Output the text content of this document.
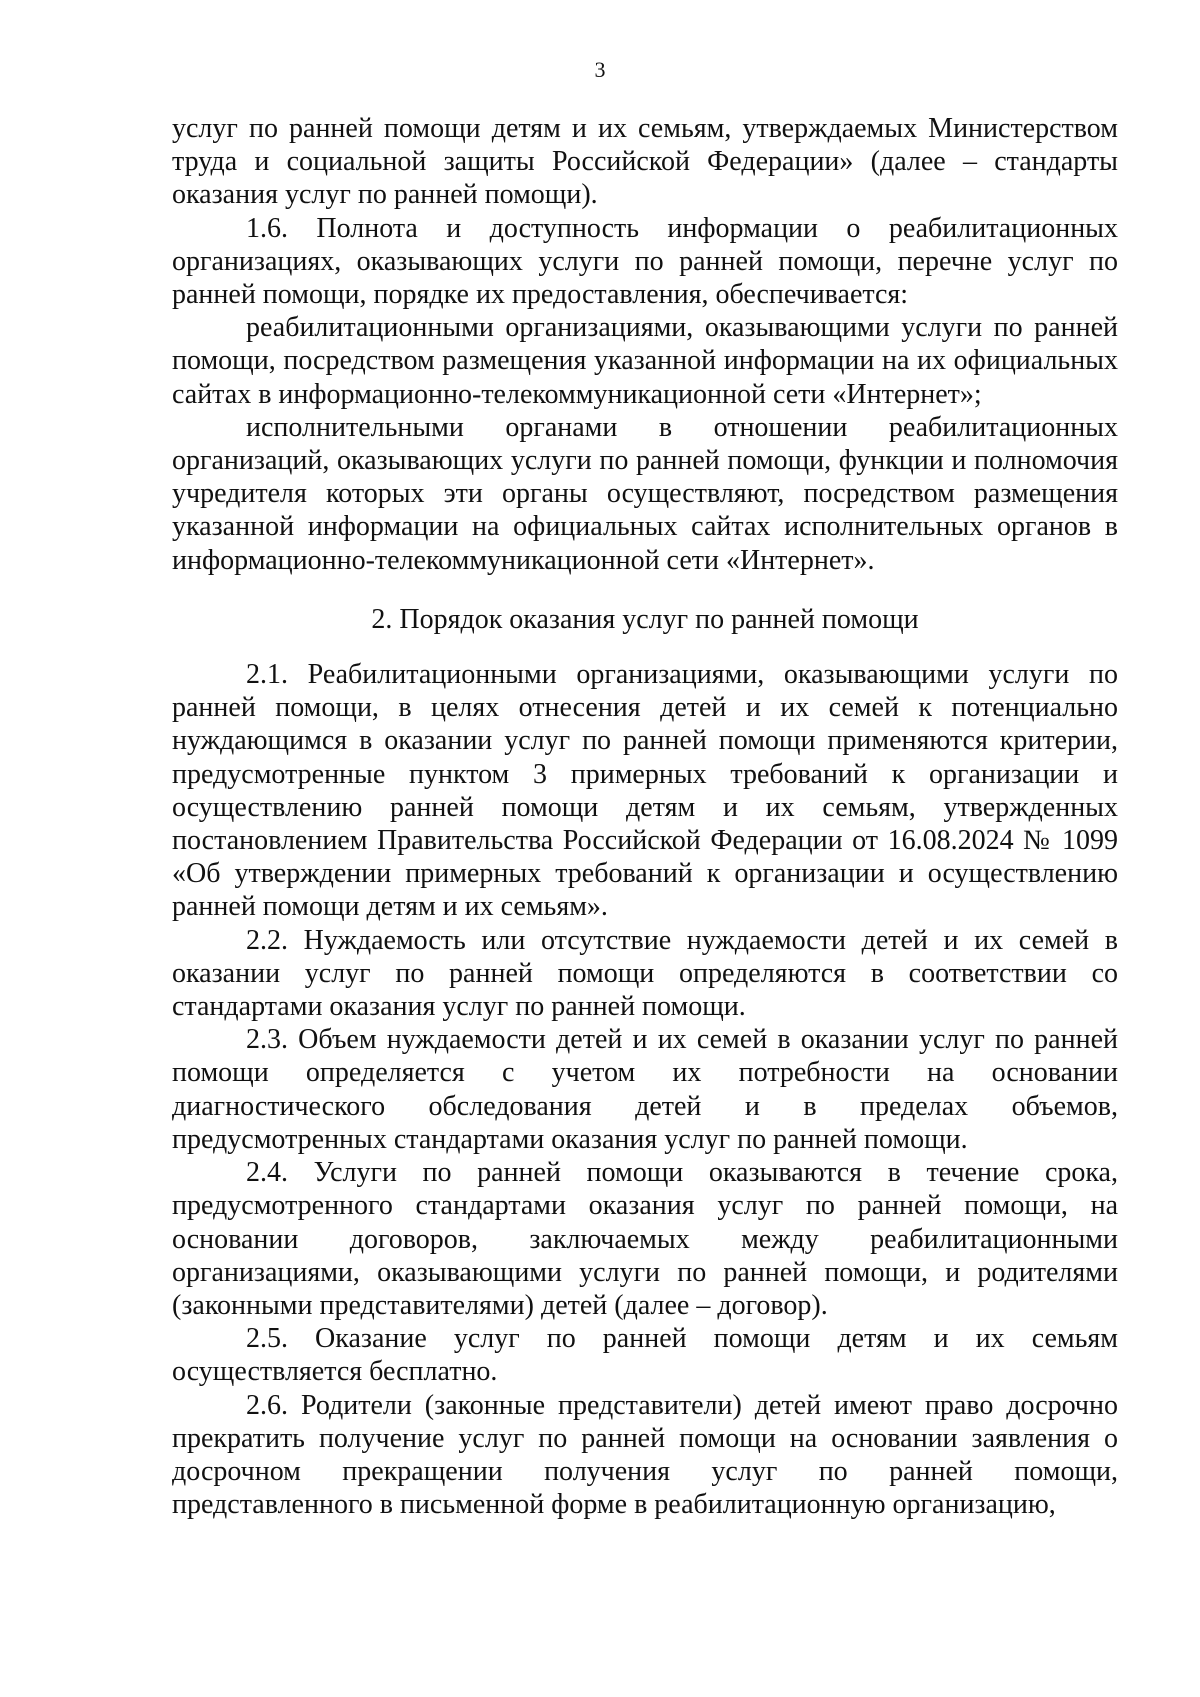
3

услуг по ранней помощи детям и их семьям, утверждаемых Министерством труда и социальной защиты Российской Федерации» (далее – стандарты оказания услуг по ранней помощи).

1.6. Полнота и доступность информации о реабилитационных организациях, оказывающих услуги по ранней помощи, перечне услуг по ранней помощи, порядке их предоставления, обеспечивается:

реабилитационными организациями, оказывающими услуги по ранней помощи, посредством размещения указанной информации на их официальных сайтах в информационно-телекоммуникационной сети «Интернет»;

исполнительными органами в отношении реабилитационных организаций, оказывающих услуги по ранней помощи, функции и полномочия учредителя которых эти органы осуществляют, посредством размещения указанной информации на официальных сайтах исполнительных органов в информационно-телекоммуникационной сети «Интернет».

2. Порядок оказания услуг по ранней помощи

2.1. Реабилитационными организациями, оказывающими услуги по ранней помощи, в целях отнесения детей и их семей к потенциально нуждающимся в оказании услуг по ранней помощи применяются критерии, предусмотренные пунктом 3 примерных требований к организации и осуществлению ранней помощи детям и их семьям, утвержденных постановлением Правительства Российской Федерации от 16.08.2024 № 1099 «Об утверждении примерных требований к организации и осуществлению ранней помощи детям и их семьям».

2.2. Нуждаемость или отсутствие нуждаемости детей и их семей в оказании услуг по ранней помощи определяются в соответствии со стандартами оказания услуг по ранней помощи.

2.3. Объем нуждаемости детей и их семей в оказании услуг по ранней помощи определяется с учетом их потребности на основании диагностического обследования детей и в пределах объемов, предусмотренных стандартами оказания услуг по ранней помощи.

2.4. Услуги по ранней помощи оказываются в течение срока, предусмотренного стандартами оказания услуг по ранней помощи, на основании договоров, заключаемых между реабилитационными организациями, оказывающими услуги по ранней помощи, и родителями (законными представителями) детей (далее – договор).

2.5. Оказание услуг по ранней помощи детям и их семьям осуществляется бесплатно.

2.6. Родители (законные представители) детей имеют право досрочно прекратить получение услуг по ранней помощи на основании заявления о досрочном прекращении получения услуг по ранней помощи, представленного в письменной форме в реабилитационную организацию,
